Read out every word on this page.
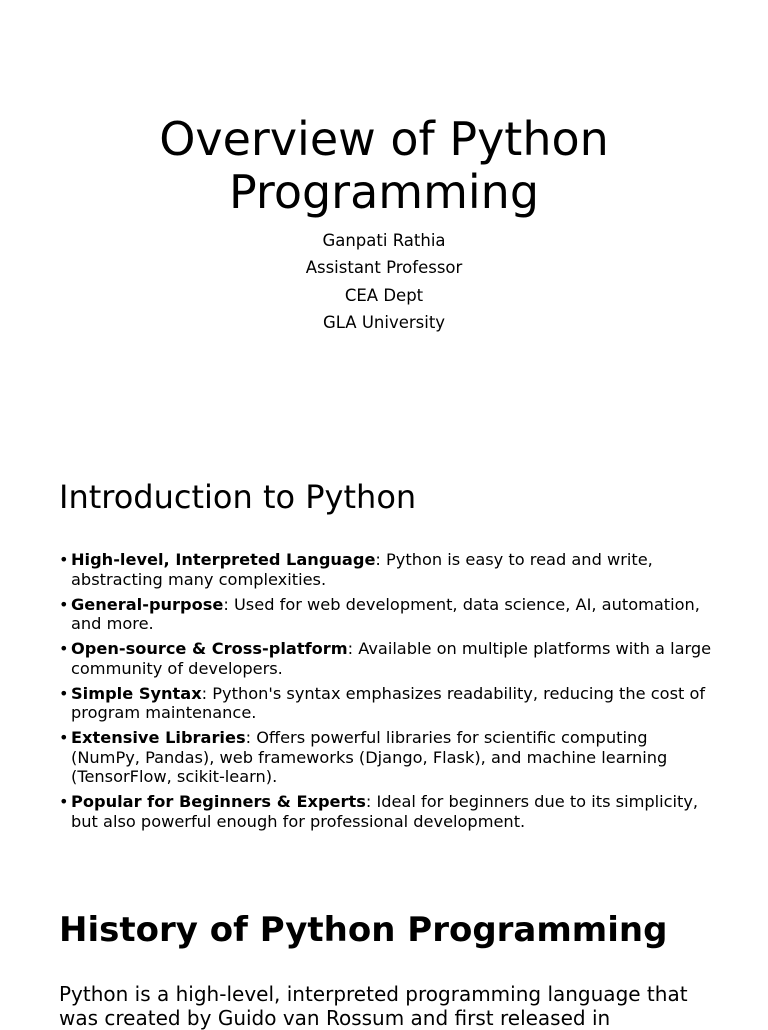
Overview of Python
Programming
Ganpati Rathia
Assistant Professor
CEA Dept
GLA University
Introduction to Python
• High-level, Interpreted Language: Python is easy to read and write, abstracting many complexities.
• General-purpose: Used for web development, data science, AI, automation, and more.
• Open-source & Cross-platform: Available on multiple platforms with a large community of developers.
• Simple Syntax: Python's syntax emphasizes readability, reducing the cost of program maintenance.
• Extensive Libraries: Offers powerful libraries for scientific computing (NumPy, Pandas), web frameworks (Django, Flask), and machine learning (TensorFlow, scikit-learn).
• Popular for Beginners & Experts: Ideal for beginners due to its simplicity, but also powerful enough for professional development.
History of Python Programming
Python is a high-level, interpreted programming language that was created by Guido van Rossum and first released in
